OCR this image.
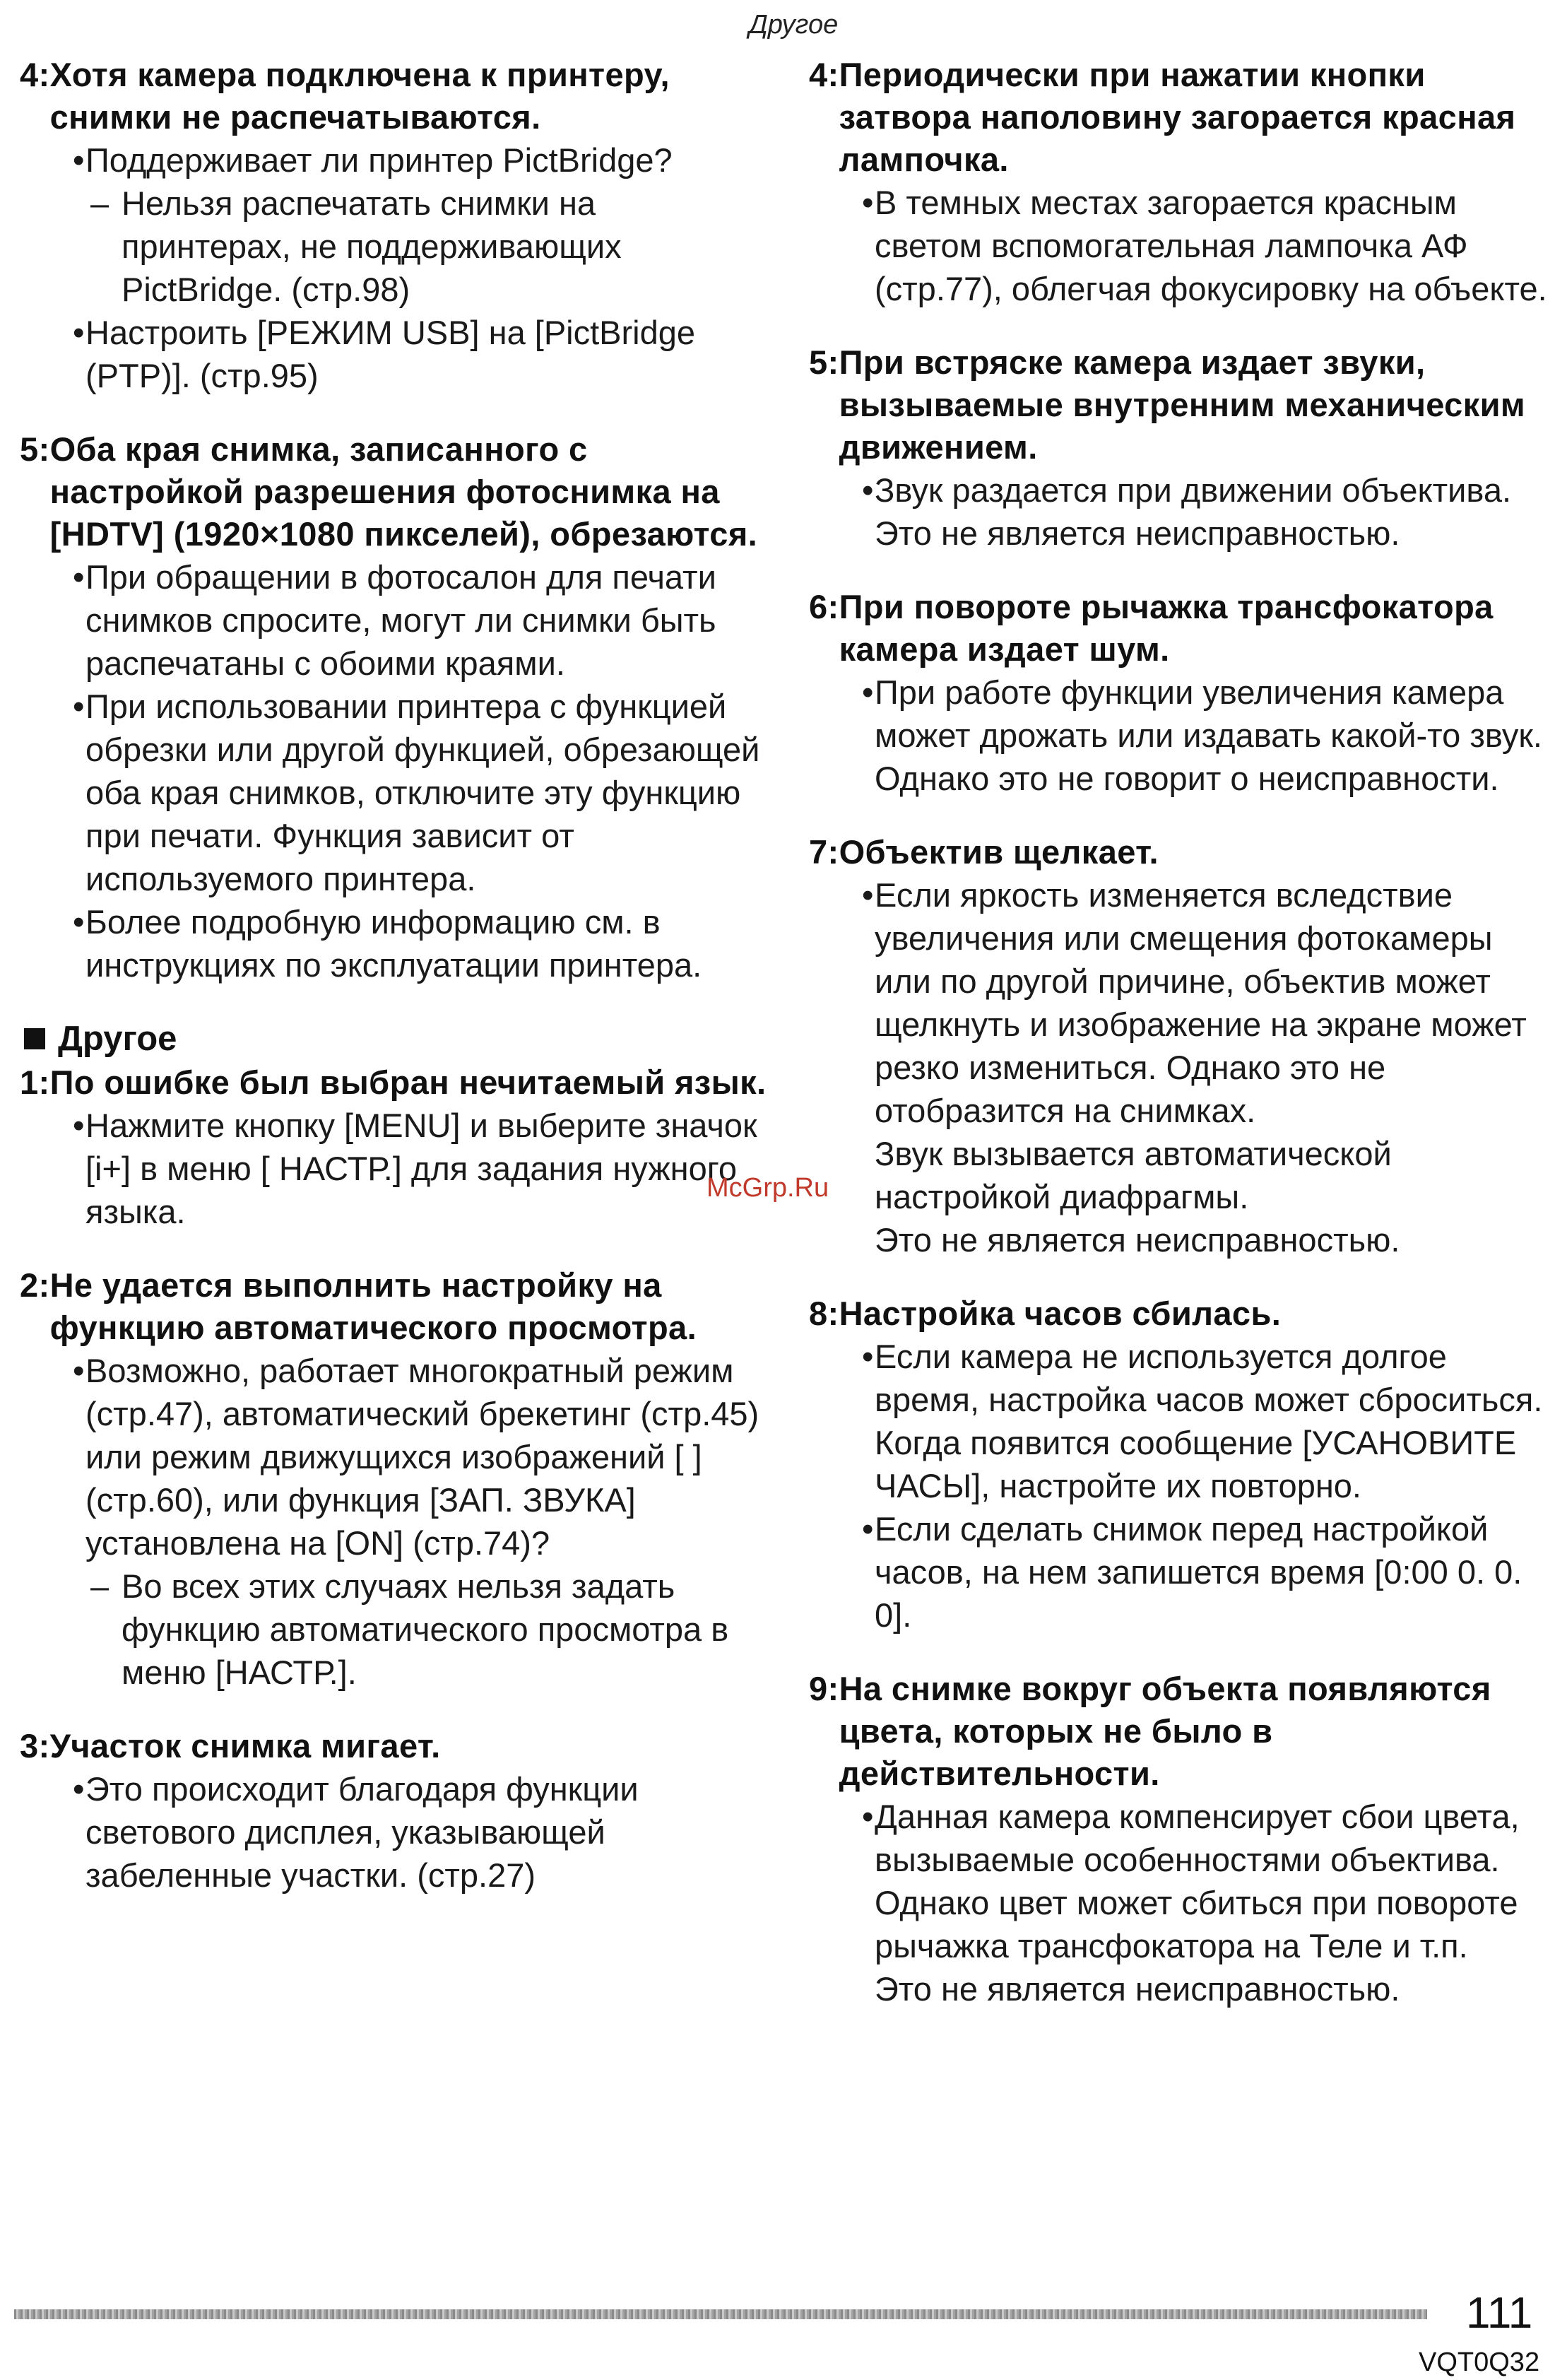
Другое
4: Хотя камера подключена к принтеру, снимки не распечатываются.
• Поддерживает ли принтер PictBridge?
– Нельзя распечатать снимки на принтерах, не поддерживающих PictBridge. (стр.98)
• Настроить [РЕЖИМ USB] на [PictBridge (PTP)]. (стр.95)
5: Оба края снимка, записанного с настройкой разрешения фотоснимка на [HDTV] (1920×1080 пикселей), обрезаются.
• При обращении в фотосалон для печати снимков спросите, могут ли снимки быть распечатаны с обоими краями.
• При использовании принтера с функцией обрезки или другой функцией, обрезающей оба края снимков, отключите эту функцию при печати. Функция зависит от используемого принтера.
• Более подробную информацию см. в инструкциях по эксплуатации принтера.
Другое
1: По ошибке был выбран нечитаемый язык.
• Нажмите кнопку [MENU] и выберите значок [i+] в меню [ НАСТР.] для задания нужного языка.
2: Не удается выполнить настройку на функцию автоматического просмотра.
• Возможно, работает многократный режим (стр.47), автоматический брекетинг (стр.45) или режим движущихся изображений [ ] (стр.60), или функция [ЗАП. ЗВУКА] установлена на [ON] (стр.74)?
– Во всех этих случаях нельзя задать функцию автоматического просмотра в меню [НАСТР.].
3: Участок снимка мигает.
• Это происходит благодаря функции светового дисплея, указывающей забеленные участки. (стр.27)
4: Периодически при нажатии кнопки затвора наполовину загорается красная лампочка.
• В темных местах загорается красным светом вспомогательная лампочка АФ (стр.77), облегчая фокусировку на объекте.
5: При встряске камера издает звуки, вызываемые внутренним механическим движением.
• Звук раздается при движении объектива.
Это не является неисправностью.
6: При повороте рычажка трансфокатора камера издает шум.
• При работе функции увеличения камера может дрожать или издавать какой-то звук. Однако это не говорит о неисправности.
7: Объектив щелкает.
• Если яркость изменяется вследствие увеличения или смещения фотокамеры или по другой причине, объектив может щелкнуть и изображение на экране может резко измениться. Однако это не отобразится на снимках.
Звук вызывается автоматической настройкой диафрагмы.
Это не является неисправностью.
8: Настройка часов сбилась.
• Если камера не используется долгое время, настройка часов может сброситься. Когда появится сообщение [УСАНОВИТЕ ЧАСЫ], настройте их повторно.
• Если сделать снимок перед настройкой часов, на нем запишется время [0:00 0. 0. 0].
9: На снимке вокруг объекта появляются цвета, которых не было в действительности.
• Данная камера компенсирует сбои цвета, вызываемые особенностями объектива. Однако цвет может сбиться при повороте рычажка трансфокатора на Теле и т.п.
Это не является неисправностью.
McGrp.Ru
111
VQT0Q32
